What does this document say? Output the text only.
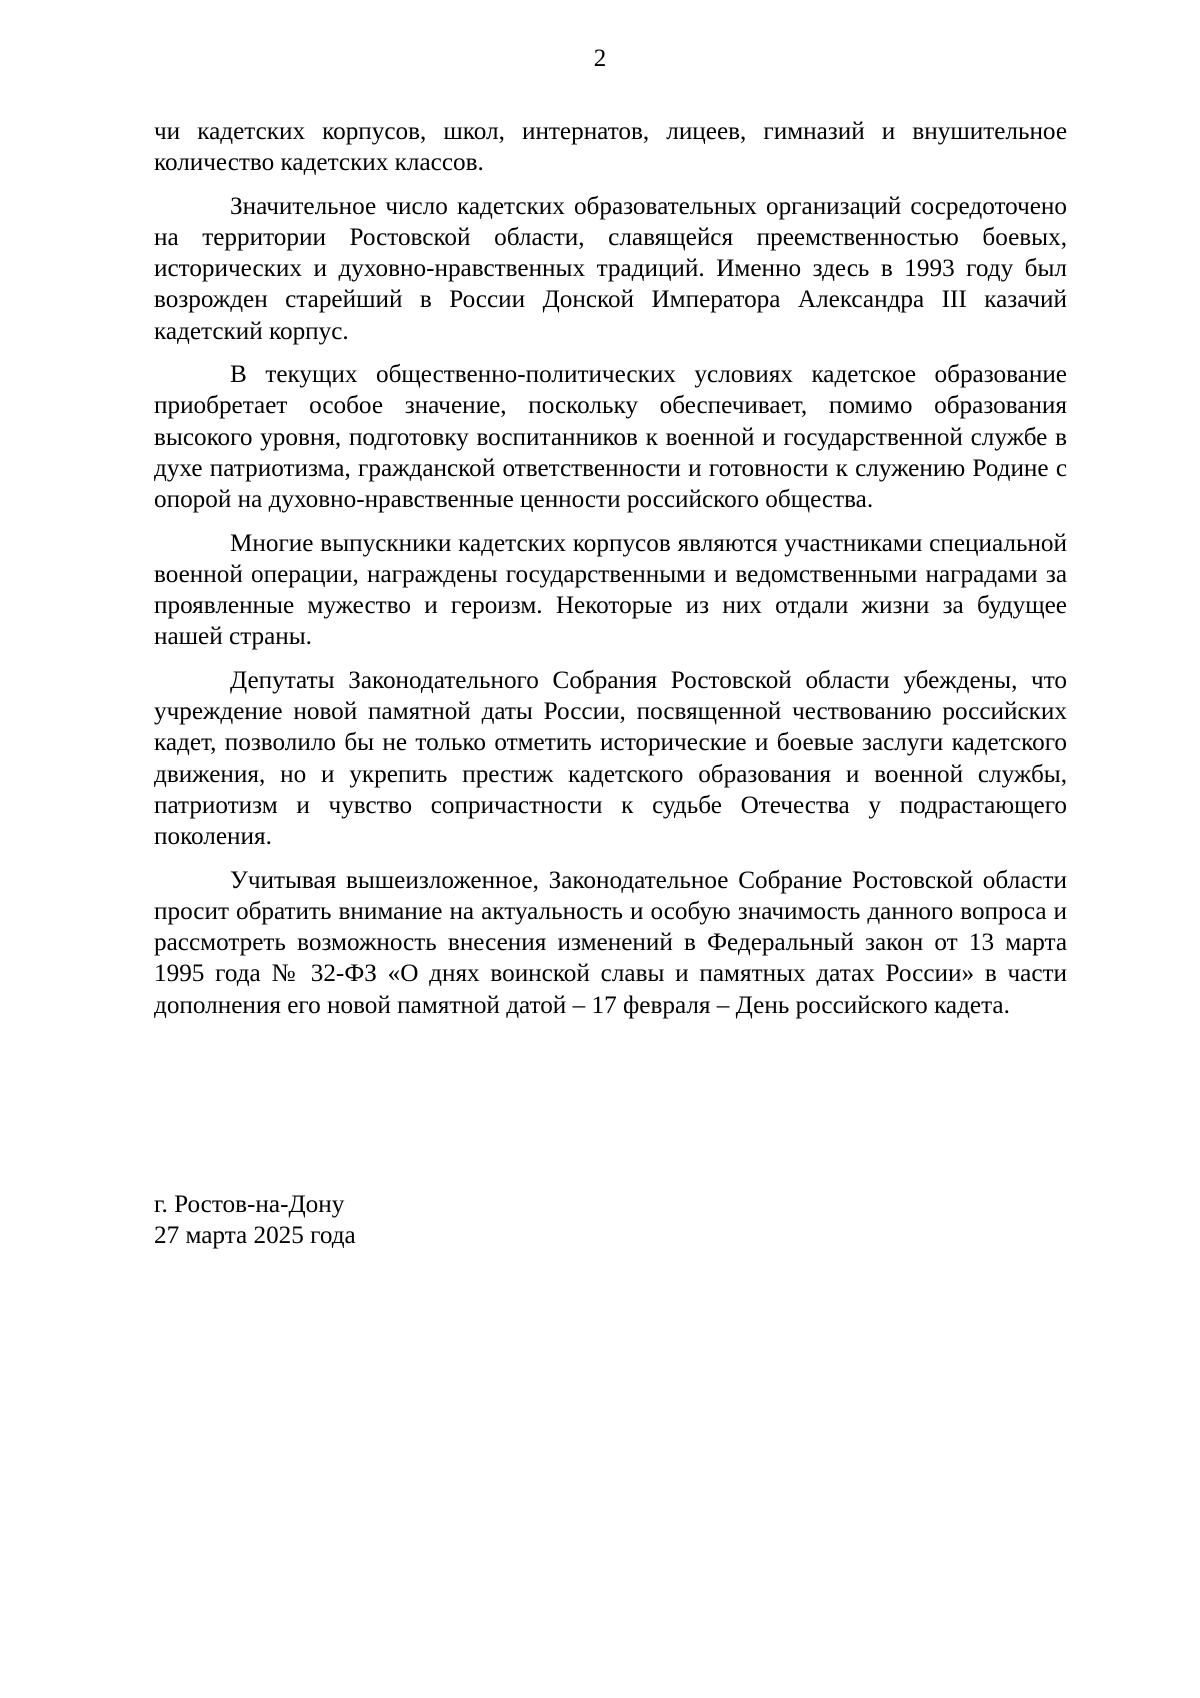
2

чи кадетских корпусов, школ, интернатов, лицеев, гимназий и внушительное количество кадетских классов.

Значительное число кадетских образовательных организаций сосредоточено на территории Ростовской области, славящейся преемственностью боевых, исторических и духовно-нравственных традиций. Именно здесь в 1993 году был возрожден старейший в России Донской Императора Александра III казачий кадетский корпус.

В текущих общественно-политических условиях кадетское образование приобретает особое значение, поскольку обеспечивает, помимо образования высокого уровня, подготовку воспитанников к военной и государственной службе в духе патриотизма, гражданской ответственности и готовности к служению Родине с опорой на духовно-нравственные ценности российского общества.

Многие выпускники кадетских корпусов являются участниками специальной военной операции, награждены государственными и ведомственными наградами за проявленные мужество и героизм. Некоторые из них отдали жизни за будущее нашей страны.

Депутаты Законодательного Собрания Ростовской области убеждены, что учреждение новой памятной даты России, посвященной чествованию российских кадет, позволило бы не только отметить исторические и боевые заслуги кадетского движения, но и укрепить престиж кадетского образования и военной службы, патриотизм и чувство сопричастности к судьбе Отечества у подрастающего поколения.

Учитывая вышеизложенное, Законодательное Собрание Ростовской области просит обратить внимание на актуальность и особую значимость данного вопроса и рассмотреть возможность внесения изменений в Федеральный закон от 13 марта 1995 года № 32-ФЗ «О днях воинской славы и памятных датах России» в части дополнения его новой памятной датой – 17 февраля – День российского кадета.

г. Ростов-на-Дону
27 марта 2025 года
